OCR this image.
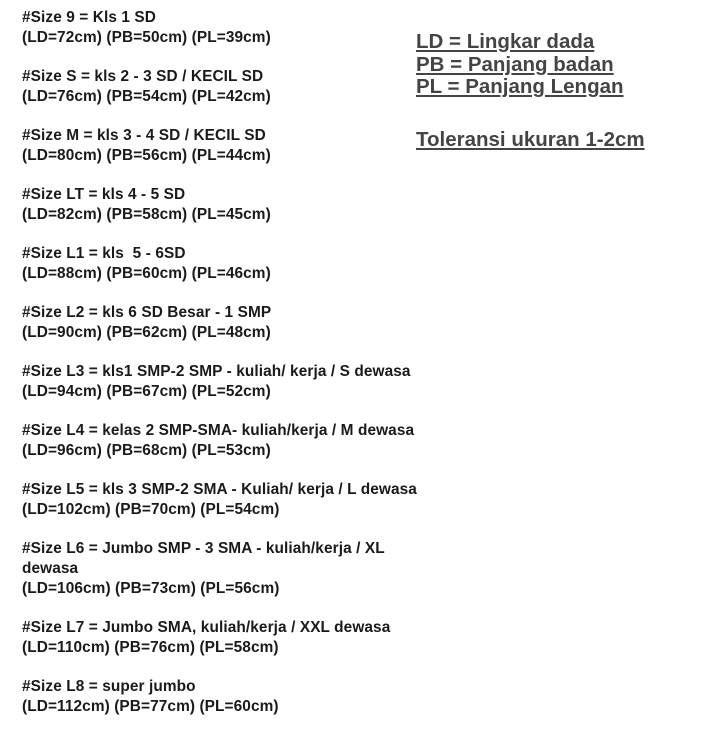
#Size 9 = Kls 1 SD
(LD=72cm) (PB=50cm) (PL=39cm)
#Size S = kls 2 - 3 SD / KECIL SD
(LD=76cm) (PB=54cm) (PL=42cm)
#Size M = kls 3 - 4 SD / KECIL SD
(LD=80cm) (PB=56cm) (PL=44cm)
#Size LT = kls 4 - 5 SD
(LD=82cm) (PB=58cm) (PL=45cm)
#Size L1 = kls  5 - 6SD
(LD=88cm) (PB=60cm) (PL=46cm)
#Size L2 = kls 6 SD Besar - 1 SMP
(LD=90cm) (PB=62cm) (PL=48cm)
#Size L3 = kls1 SMP-2 SMP - kuliah/ kerja / S dewasa
(LD=94cm) (PB=67cm) (PL=52cm)
#Size L4 = kelas 2 SMP-SMA- kuliah/kerja / M dewasa
(LD=96cm) (PB=68cm) (PL=53cm)
#Size L5 = kls 3 SMP-2 SMA - Kuliah/ kerja / L dewasa
(LD=102cm) (PB=70cm) (PL=54cm)
#Size L6 = Jumbo SMP - 3 SMA - kuliah/kerja / XL
dewasa
(LD=106cm) (PB=73cm) (PL=56cm)
#Size L7 = Jumbo SMA, kuliah/kerja / XXL dewasa
(LD=110cm) (PB=76cm) (PL=58cm)
#Size L8 = super jumbo
(LD=112cm) (PB=77cm) (PL=60cm)
LD = Lingkar dada
PB = Panjang badan
PL = Panjang Lengan
Toleransi ukuran 1-2cm
